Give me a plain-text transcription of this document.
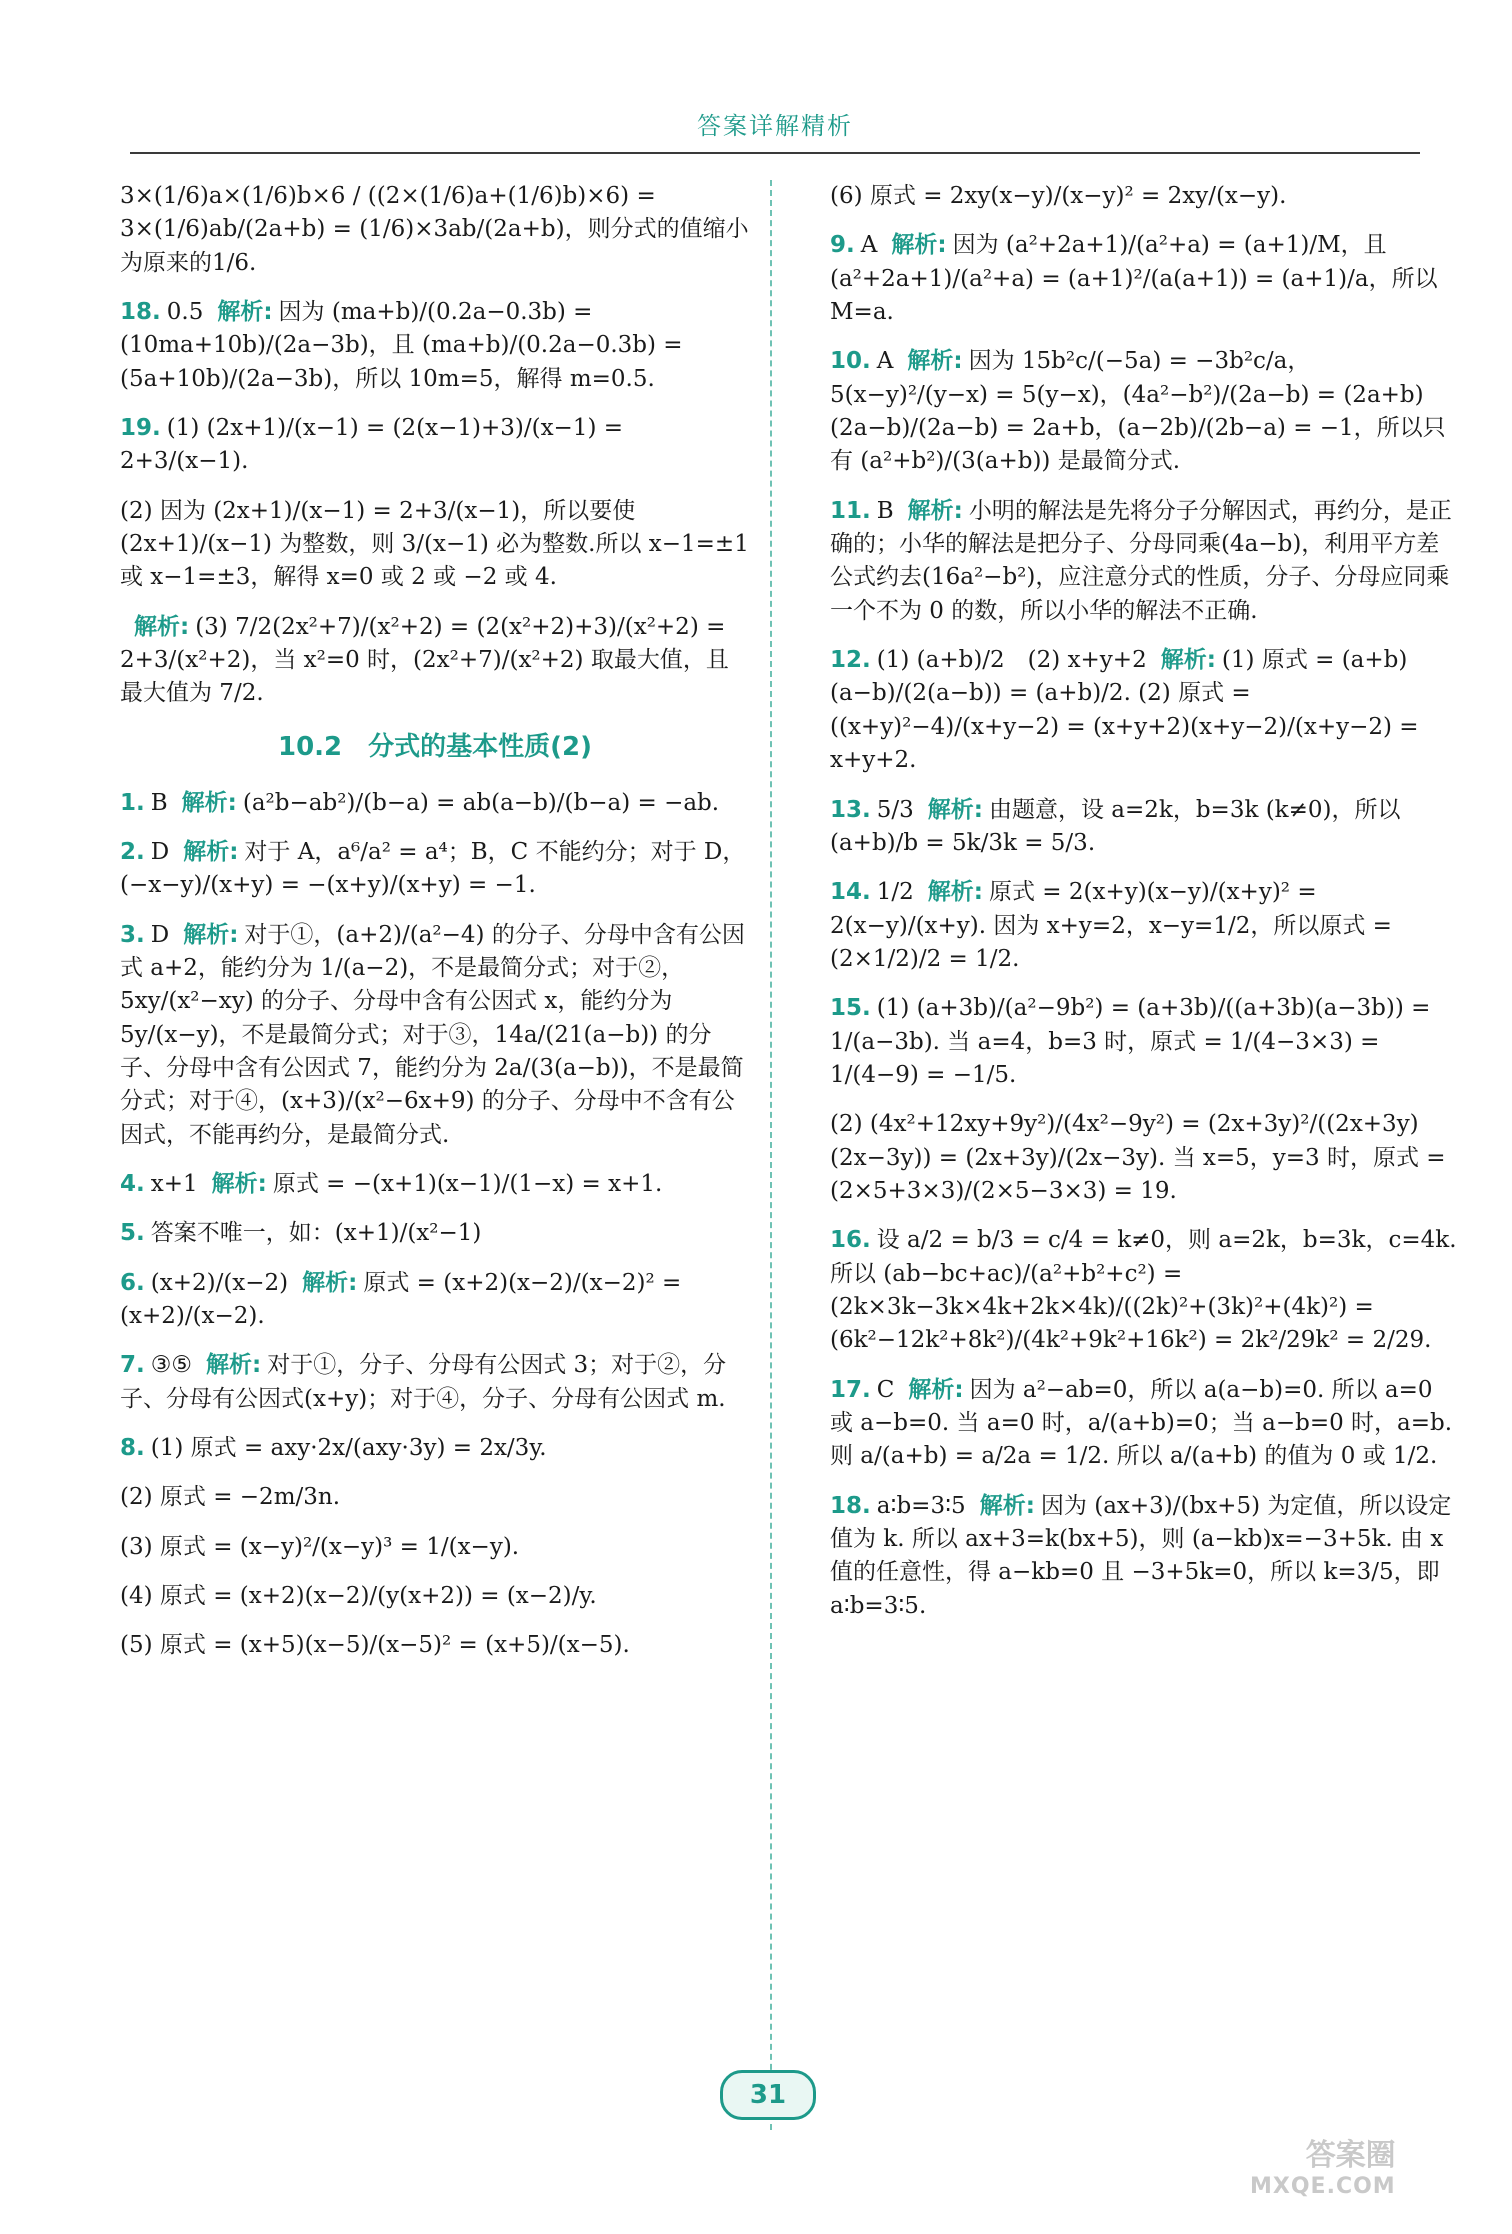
答案详解精析
3×(1/6)a×(1/6)b×6 / ((2×(1/6)a+(1/6)b)×6) = 3×(1/6)ab/(2a+b) = (1/6)×3ab/(2a+b)，则分式的值缩小为原来的1/6.
18. 0.5 解析: 因为 (ma+b)/(0.2a−0.3b) = (10ma+10b)/(2a−3b)，且 (ma+b)/(0.2a−0.3b) = (5a+10b)/(2a−3b)，所以 10m=5，解得 m=0.5.
19. (1) (2x+1)/(x−1) = (2(x−1)+3)/(x−1) = 2+3/(x−1).
(2) 因为 (2x+1)/(x−1) = 2+3/(x−1)，所以要使 (2x+1)/(x−1) 为整数，则 3/(x−1) 必为整数.所以 x−1=±1 或 x−1=±3，解得 x=0 或 2 或 −2 或 4.
解析: (3) 7/2(2x²+7)/(x²+2) = (2(x²+2)+3)/(x²+2) = 2+3/(x²+2)，当 x²=0 时，(2x²+7)/(x²+2) 取最大值，且最大值为 7/2.
10.2　分式的基本性质(2)
1. B 解析: (a²b−ab²)/(b−a) = ab(a−b)/(b−a) = −ab.
2. D 解析: 对于 A，a⁶/a² = a⁴；B，C 不能约分；对于 D，(−x−y)/(x+y) = −(x+y)/(x+y) = −1.
3. D 解析: 对于①，(a+2)/(a²−4) 的分子、分母中含有公因式 a+2，能约分为 1/(a−2)，不是最简分式；对于②，5xy/(x²−xy) 的分子、分母中含有公因式 x，能约分为 5y/(x−y)，不是最简分式；对于③，14a/(21(a−b)) 的分子、分母中含有公因式 7，能约分为 2a/(3(a−b))，不是最简分式；对于④，(x+3)/(x²−6x+9) 的分子、分母中不含有公因式，不能再约分，是最简分式.
4. x+1 解析: 原式 = −(x+1)(x−1)/(1−x) = x+1.
5. 答案不唯一，如：(x+1)/(x²−1)
6. (x+2)/(x−2) 解析: 原式 = (x+2)(x−2)/(x−2)² = (x+2)/(x−2).
7. ③⑤ 解析: 对于①，分子、分母有公因式 3；对于②，分子、分母有公因式(x+y)；对于④，分子、分母有公因式 m.
8. (1) 原式 = axy·2x/(axy·3y) = 2x/3y.
(2) 原式 = −2m/3n.
(3) 原式 = (x−y)²/(x−y)³ = 1/(x−y).
(4) 原式 = (x+2)(x−2)/(y(x+2)) = (x−2)/y.
(5) 原式 = (x+5)(x−5)/(x−5)² = (x+5)/(x−5).
(6) 原式 = 2xy(x−y)/(x−y)² = 2xy/(x−y).
9. A 解析: 因为 (a²+2a+1)/(a²+a) = (a+1)/M，且 (a²+2a+1)/(a²+a) = (a+1)²/(a(a+1)) = (a+1)/a，所以 M=a.
10. A 解析: 因为 15b²c/(−5a) = −3b²c/a，5(x−y)²/(y−x) = 5(y−x)，(4a²−b²)/(2a−b) = (2a+b)(2a−b)/(2a−b) = 2a+b，(a−2b)/(2b−a) = −1，所以只有 (a²+b²)/(3(a+b)) 是最简分式.
11. B 解析: 小明的解法是先将分子分解因式，再约分，是正确的；小华的解法是把分子、分母同乘(4a−b)，利用平方差公式约去(16a²−b²)，应注意分式的性质，分子、分母应同乘一个不为 0 的数，所以小华的解法不正确.
12. (1) (a+b)/2　(2) x+y+2 解析: (1) 原式 = (a+b)(a−b)/(2(a−b)) = (a+b)/2. (2) 原式 = ((x+y)²−4)/(x+y−2) = (x+y+2)(x+y−2)/(x+y−2) = x+y+2.
13. 5/3 解析: 由题意，设 a=2k，b=3k (k≠0)，所以 (a+b)/b = 5k/3k = 5/3.
14. 1/2 解析: 原式 = 2(x+y)(x−y)/(x+y)² = 2(x−y)/(x+y). 因为 x+y=2，x−y=1/2，所以原式 = (2×1/2)/2 = 1/2.
15. (1) (a+3b)/(a²−9b²) = (a+3b)/((a+3b)(a−3b)) = 1/(a−3b). 当 a=4，b=3 时，原式 = 1/(4−3×3) = 1/(4−9) = −1/5.
(2) (4x²+12xy+9y²)/(4x²−9y²) = (2x+3y)²/((2x+3y)(2x−3y)) = (2x+3y)/(2x−3y). 当 x=5，y=3 时，原式 = (2×5+3×3)/(2×5−3×3) = 19.
16. 设 a/2 = b/3 = c/4 = k≠0，则 a=2k，b=3k，c=4k. 所以 (ab−bc+ac)/(a²+b²+c²) = (2k×3k−3k×4k+2k×4k)/((2k)²+(3k)²+(4k)²) = (6k²−12k²+8k²)/(4k²+9k²+16k²) = 2k²/29k² = 2/29.
17. C 解析: 因为 a²−ab=0，所以 a(a−b)=0. 所以 a=0 或 a−b=0. 当 a=0 时，a/(a+b)=0；当 a−b=0 时，a=b. 则 a/(a+b) = a/2a = 1/2. 所以 a/(a+b) 的值为 0 或 1/2.
18. a∶b=3∶5 解析: 因为 (ax+3)/(bx+5) 为定值，所以设定值为 k. 所以 ax+3=k(bx+5)，则 (a−kb)x=−3+5k. 由 x 值的任意性，得 a−kb=0 且 −3+5k=0，所以 k=3/5，即 a∶b=3∶5.
31
答案圈
MXQE.COM
